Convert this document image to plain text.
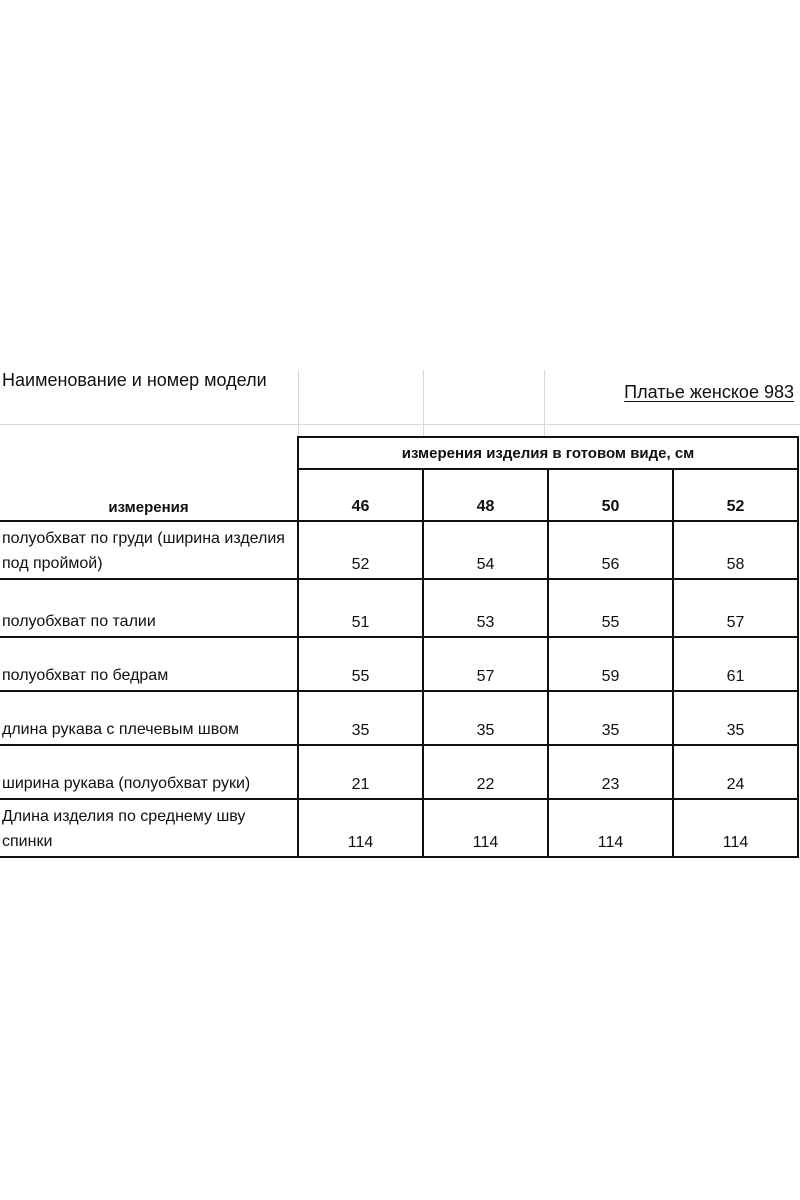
Наименование и номер модели
Платье женское 983
измерения	измерения изделия в готовом виде, см			
	46	48	50	52
полуобхват по груди (ширина изделия под проймой)	52	54	56	58
полуобхват по талии	51	53	55	57
полуобхват по бедрам	55	57	59	61
длина рукава с плечевым швом	35	35	35	35
ширина рукава (полуобхват руки)	21	22	23	24
Длина изделия по среднему шву спинки	114	114	114	114
